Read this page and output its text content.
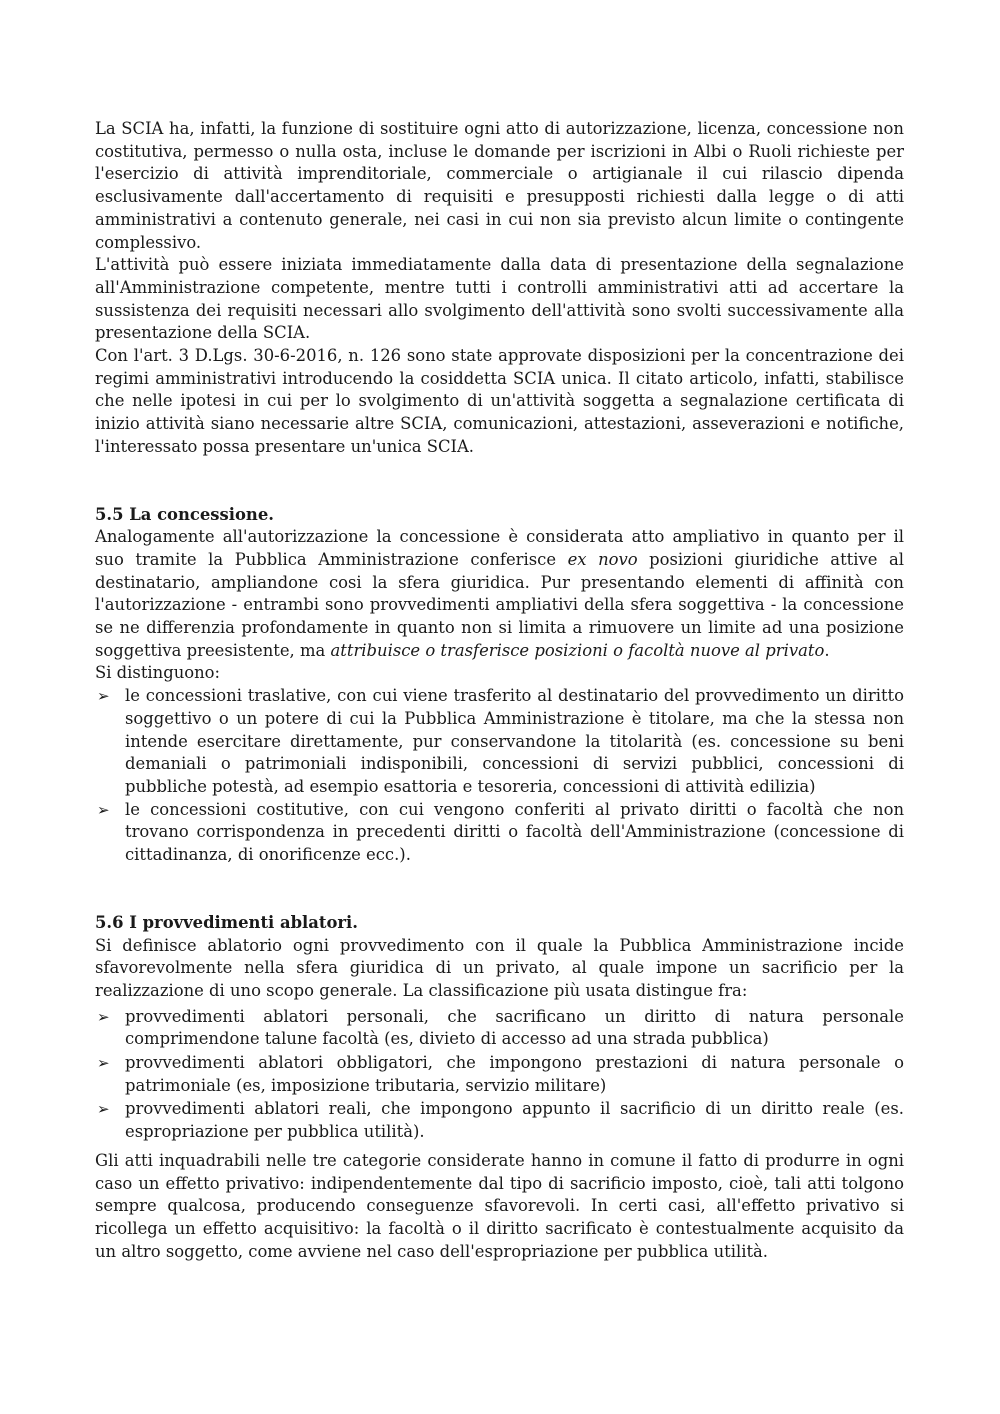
La SCIA ha, infatti, la funzione di sostituire ogni atto di autorizzazione, licenza, concessione non costitutiva, permesso o nulla osta, incluse le domande per iscrizioni in Albi o Ruoli richieste per l'esercizio di attività imprenditoriale, commerciale o artigianale il cui rilascio dipenda esclusivamente dall'accertamento di requisiti e presupposti richiesti dalla legge o di atti amministrativi a contenuto generale, nei casi in cui non sia previsto alcun limite o contingente complessivo.

L'attività può essere iniziata immediatamente dalla data di presentazione della segnalazione all'Amministrazione competente, mentre tutti i controlli amministrativi atti ad accertare la sussistenza dei requisiti necessari allo svolgimento dell'attività sono svolti successivamente alla presentazione della SCIA.

Con l'art. 3 D.Lgs. 30-6-2016, n. 126 sono state approvate disposizioni per la concentrazione dei regimi amministrativi introducendo la cosiddetta SCIA unica. Il citato articolo, infatti, stabilisce che nelle ipotesi in cui per lo svolgimento di un'attività soggetta a segnalazione certificata di inizio attività siano necessarie altre SCIA, comunicazioni, attestazioni, asseverazioni e notifiche, l'interessato possa presentare un'unica SCIA.

5.5 La concessione.

Analogamente all'autorizzazione la concessione è considerata atto ampliativo in quanto per il suo tramite la Pubblica Amministrazione conferisce ex novo posizioni giuridiche attive al destinatario, ampliandone cosi la sfera giuridica. Pur presentando elementi di affinità con l'autorizzazione - entrambi sono provvedimenti ampliativi della sfera soggettiva - la concessione se ne differenzia profondamente in quanto non si limita a rimuovere un limite ad una posizione soggettiva preesistente, ma attribuisce o trasferisce posizioni o facoltà nuove al privato.

Si distinguono:

➢ le concessioni traslative, con cui viene trasferito al destinatario del provvedimento un diritto soggettivo o un potere di cui la Pubblica Amministrazione è titolare, ma che la stessa non intende esercitare direttamente, pur conservandone la titolarità (es. concessione su beni demaniali o patrimoniali indisponibili, concessioni di servizi pubblici, concessioni di pubbliche potestà, ad esempio esattoria e tesoreria, concessioni di attività edilizia)
➢ le concessioni costitutive, con cui vengono conferiti al privato diritti o facoltà che non trovano corrispondenza in precedenti diritti o facoltà dell'Amministrazione (concessione di cittadinanza, di onorificenze ecc.).

5.6 I provvedimenti ablatori.

Si definisce ablatorio ogni provvedimento con il quale la Pubblica Amministrazione incide sfavorevolmente nella sfera giuridica di un privato, al quale impone un sacrificio per la realizzazione di uno scopo generale. La classificazione più usata distingue fra:

➢ provvedimenti ablatori personali, che sacrificano un diritto di natura personale comprimendone talune facoltà (es, divieto di accesso ad una strada pubblica)
➢ provvedimenti ablatori obbligatori, che impongono prestazioni di natura personale o patrimoniale (es, imposizione tributaria, servizio militare)
➢ provvedimenti ablatori reali, che impongono appunto il sacrificio di un diritto reale (es. espropriazione per pubblica utilità).

Gli atti inquadrabili nelle tre categorie considerate hanno in comune il fatto di produrre in ogni caso un effetto privativo: indipendentemente dal tipo di sacrificio imposto, cioè, tali atti tolgono sempre qualcosa, producendo conseguenze sfavorevoli. In certi casi, all'effetto privativo si ricollega un effetto acquisitivo: la facoltà o il diritto sacrificato è contestualmente acquisito da un altro soggetto, come avviene nel caso dell'espropriazione per pubblica utilità.
